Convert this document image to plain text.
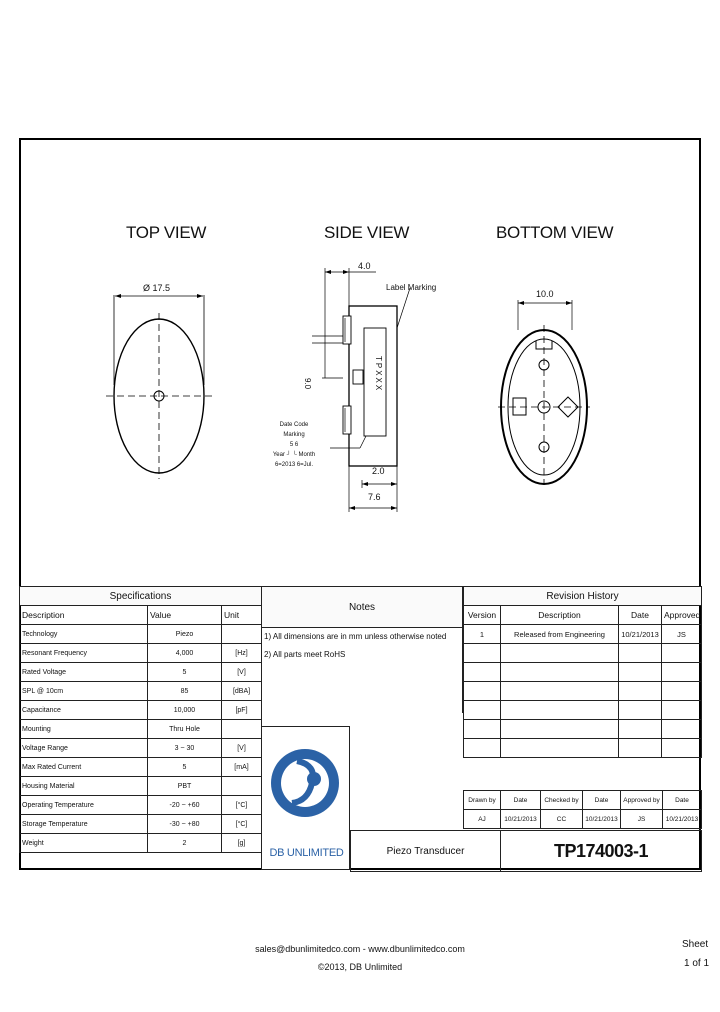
TOP VIEW	SIDE VIEW	BOTTOM VIEW
Ø 17.5
4.0
Label Marking
9.0	TPXXX
Date Code
Marking
5 6
Year ┘ └ Month
6=2013 6=Jul.
2.0
7.6
10.0
Specifications		
Description	Value	Unit
Technology	Piezo	
Resonant Frequency	4,000	[Hz]
Rated Voltage	5	[V]
SPL @ 10cm	85	[dBA]
Capacitance	10,000	[pF]
Mounting	Thru Hole	
Voltage Range	3 ~ 30	[V]
Max Rated Current	5	[mA]
Housing Material	PBT	
Operating Temperature	-20 ~ +60	[°C]
Storage Temperature	-30 ~ +80	[°C]
Weight	2	[g]
Notes

1) All dimensions are in mm unless otherwise noted
2) All parts meet RoHS
DB UNLIMITED
Revision History			
Version	Description	Date	Approved
1	Released from Engineering	10/21/2013	JS

Drawn by	Date	Checked by	Date	Approved by	Date
AJ	10/21/2013	CC	10/21/2013	JS	10/21/2013
Piezo Transducer	TP174003-1
sales@dbunlimitedco.com - www.dbunlimitedco.com
©2013, DB Unlimited
Sheet
1 of 1
